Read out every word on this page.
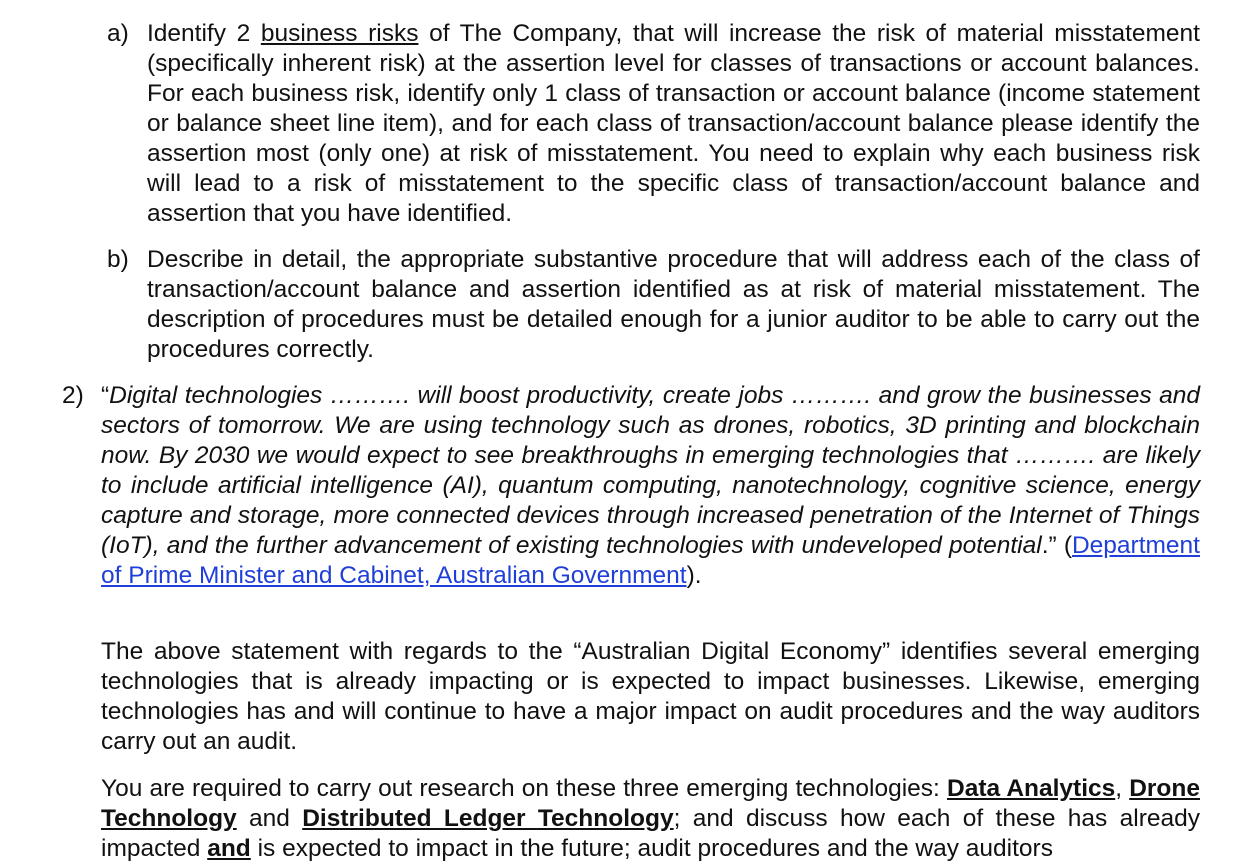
a) Identify 2 business risks of The Company, that will increase the risk of material misstatement (specifically inherent risk) at the assertion level for classes of transactions or account balances. For each business risk, identify only 1 class of transaction or account balance (income statement or balance sheet line item), and for each class of transaction/account balance please identify the assertion most (only one) at risk of misstatement. You need to explain why each business risk will lead to a risk of misstatement to the specific class of transaction/account balance and assertion that you have identified.

b) Describe in detail, the appropriate substantive procedure that will address each of the class of transaction/account balance and assertion identified as at risk of material misstatement. The description of procedures must be detailed enough for a junior auditor to be able to carry out the procedures correctly.

2) “Digital technologies ………. will boost productivity, create jobs ………. and grow the businesses and sectors of tomorrow. We are using technology such as drones, robotics, 3D printing and blockchain now. By 2030 we would expect to see breakthroughs in emerging technologies that ………. are likely to include artificial intelligence (AI), quantum computing, nanotechnology, cognitive science, energy capture and storage, more connected devices through increased penetration of the Internet of Things (IoT), and the further advancement of existing technologies with undeveloped potential.” (Department of Prime Minister and Cabinet, Australian Government).

The above statement with regards to the “Australian Digital Economy” identifies several emerging technologies that is already impacting or is expected to impact businesses. Likewise, emerging technologies has and will continue to have a major impact on audit procedures and the way auditors carry out an audit.

You are required to carry out research on these three emerging technologies: Data Analytics, Drone Technology and Distributed Ledger Technology; and discuss how each of these has already impacted and is expected to impact in the future; audit procedures and the way auditors
